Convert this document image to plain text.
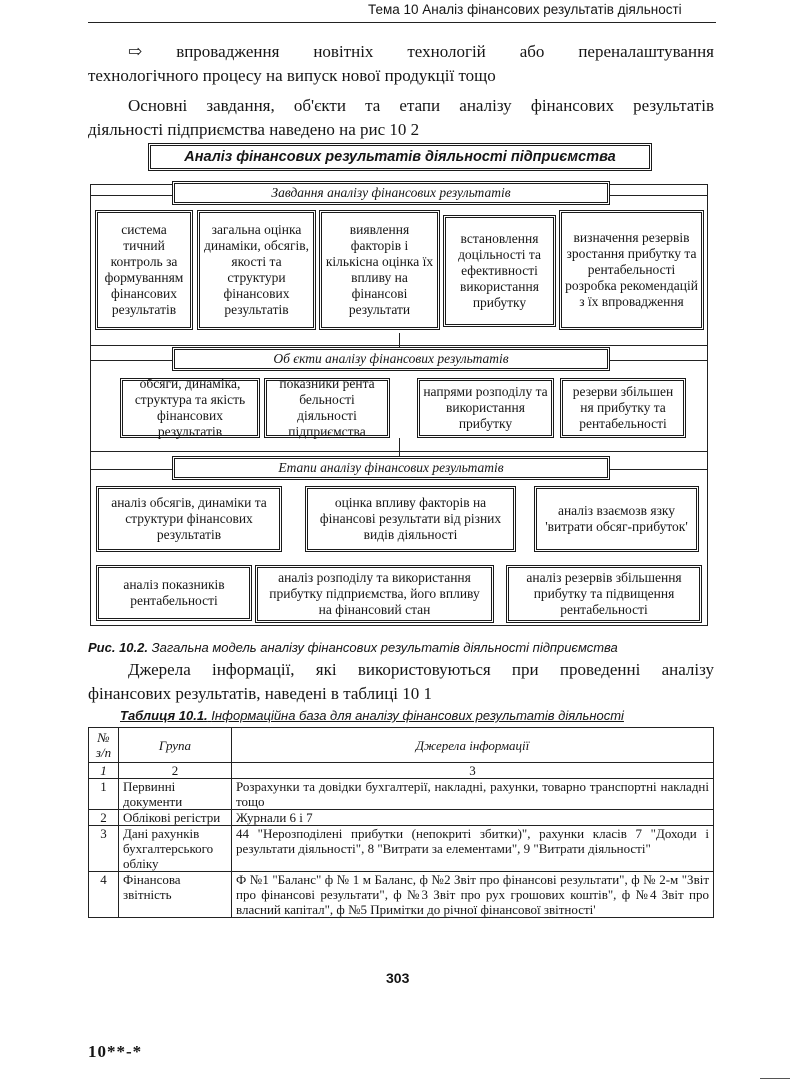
Тема 10 Аналіз фінансових результатів діяльності
⇨ впровадження новітніх технологій або переналаштування
технологічного процесу на випуск нової продукції тощо
Основні завдання, об'єкти та етапи аналізу фінансових результатів
діяльності підприємства наведено на рис 10 2
Аналіз фінансових результатів діяльності підприємства
Завдання аналізу фінансових результатів
система тичний контроль за формуванням фінансових результатів
загальна оцінка динаміки, обсягів, якості та структури фінансових результатів
виявлення факторів і кількісна оцінка їх впливу на фінансові результати
встановлення доцільності та ефективності використання прибутку
визначення резервів зростання прибутку та рентабельності розробка рекомендацій з їх впровадження
Об єкти аналізу фінансових результатів
обсяги, динаміка, структура та якість фінансових результатів
показники рента бельності діяльності підприємства
напрями розподілу та використання прибутку
резерви збільшен ня прибутку та рентабельності
Етапи аналізу фінансових результатів
аналіз обсягів, динаміки та структури фінансових результатів
оцінка впливу факторів на фінансові результати від різних видів діяльності
аналіз взаємозв язку 'витрати обсяг-прибуток'
аналіз показників рентабельності
аналіз розподілу та використання прибутку підприємства, його впливу на фінансовий стан
аналіз резервів збільшення прибутку та підвищення рентабельності
Рис. 10.2. Загальна модель аналізу фінансових результатів діяльності підприємства
Джерела інформації, які використовуються при проведенні аналізу
фінансових результатів, наведені в таблиці 10 1
Таблиця 10.1. Інформаційна база для аналізу фінансових результатів діяльності
№ з/п	Група	Джерела інформації
1	2	3
1	Первинні документи	Розрахунки та довідки бухгалтерії, накладні, рахунки, товарно транспортні накладні тощо
2	Облікові регістри	Журнали 6 і 7
3	Дані рахунків бухгалтерського обліку	44 "Нерозподілені прибутки (непокриті збитки)", рахунки класів 7 "Доходи і результати діяльності", 8 "Витрати за елементами", 9 "Витрати діяльності"
4	Фінансова звітність	Ф №1 "Баланс" ф № 1 м Баланс, ф №2 Звіт про фінансові результати", ф № 2-м "Звіт про фінансові результати", ф №3 Звіт про рух грошових коштів", ф №4 Звіт про власний капітал", ф №5 Примітки до річної фінансової звітності'
303
10**-*
